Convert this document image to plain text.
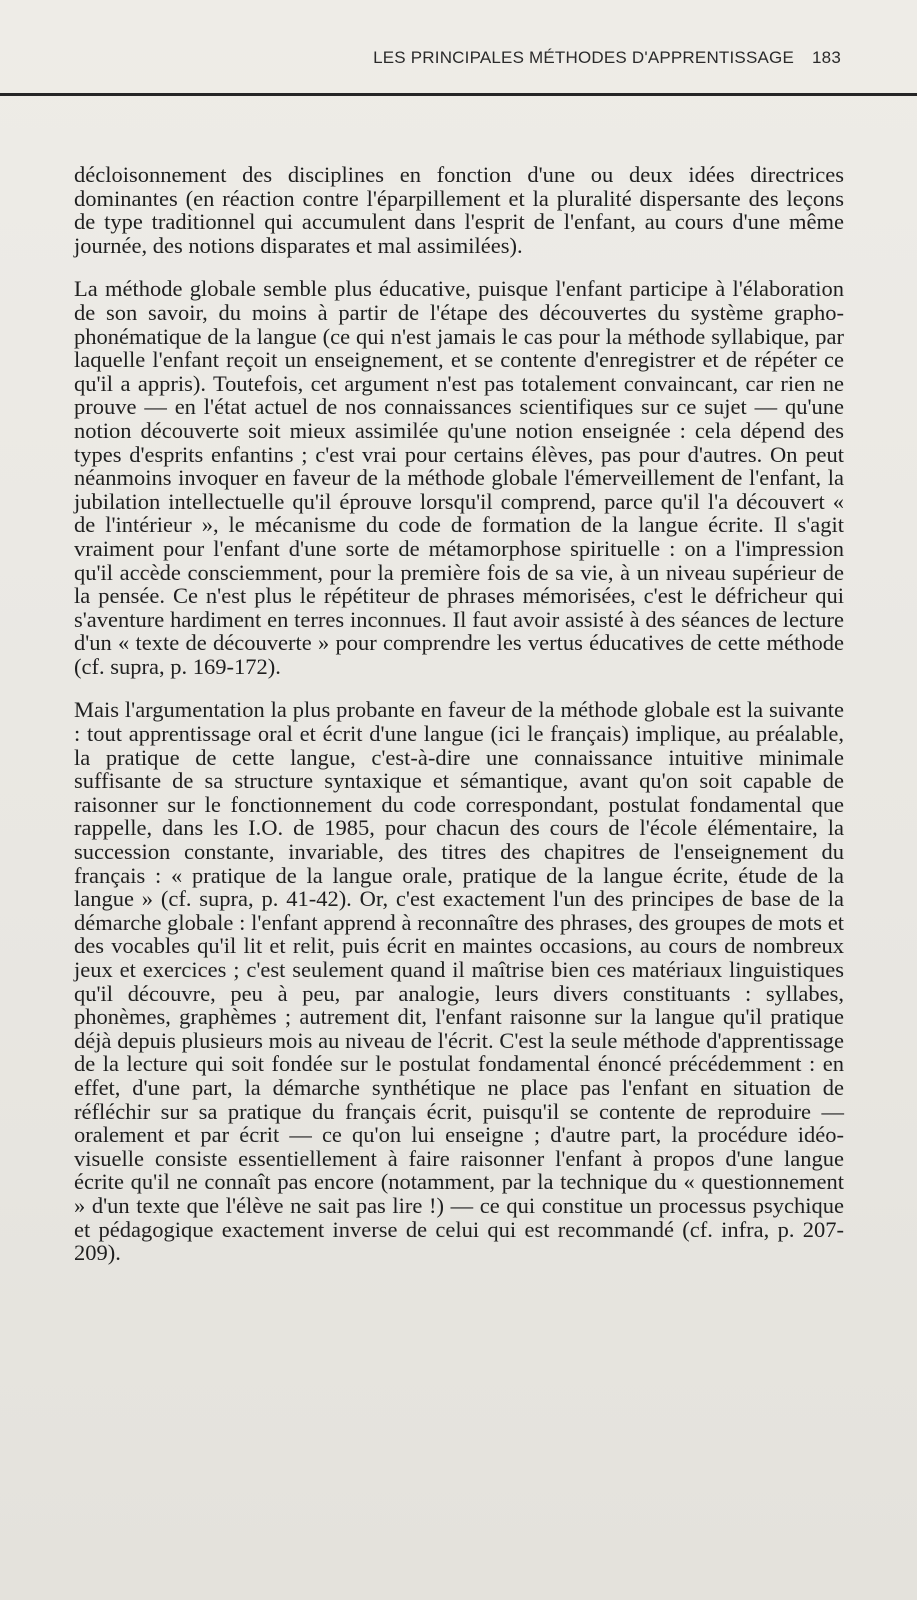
LES PRINCIPALES MÉTHODES D'APPRENTISSAGE 183

décloisonnement des disciplines en fonction d'une ou deux idées directrices dominantes (en réaction contre l'éparpillement et la pluralité dispersante des leçons de type traditionnel qui accumulent dans l'esprit de l'enfant, au cours d'une même journée, des notions disparates et mal assimilées).

La méthode globale semble plus éducative, puisque l'enfant participe à l'élaboration de son savoir, du moins à partir de l'étape des découvertes du système grapho-phonématique de la langue (ce qui n'est jamais le cas pour la méthode syllabique, par laquelle l'enfant reçoit un enseignement, et se contente d'enregistrer et de répéter ce qu'il a appris). Toutefois, cet argument n'est pas totalement convaincant, car rien ne prouve — en l'état actuel de nos connaissances scientifiques sur ce sujet — qu'une notion découverte soit mieux assimilée qu'une notion enseignée : cela dépend des types d'esprits enfantins ; c'est vrai pour certains élèves, pas pour d'autres. On peut néanmoins invoquer en faveur de la méthode globale l'émerveillement de l'enfant, la jubilation intellectuelle qu'il éprouve lorsqu'il comprend, parce qu'il l'a découvert « de l'intérieur », le mécanisme du code de formation de la langue écrite. Il s'agit vraiment pour l'enfant d'une sorte de métamorphose spirituelle : on a l'impression qu'il accède consciemment, pour la première fois de sa vie, à un niveau supérieur de la pensée. Ce n'est plus le répétiteur de phrases mémorisées, c'est le défricheur qui s'aventure hardiment en terres inconnues. Il faut avoir assisté à des séances de lecture d'un « texte de découverte » pour comprendre les vertus éducatives de cette méthode (cf. supra, p. 169-172).

Mais l'argumentation la plus probante en faveur de la méthode globale est la suivante : tout apprentissage oral et écrit d'une langue (ici le français) implique, au préalable, la pratique de cette langue, c'est-à-dire une connaissance intuitive minimale suffisante de sa structure syntaxique et sémantique, avant qu'on soit capable de raisonner sur le fonctionnement du code correspondant, postulat fondamental que rappelle, dans les I.O. de 1985, pour chacun des cours de l'école élémentaire, la succession constante, invariable, des titres des chapitres de l'enseignement du français : « pratique de la langue orale, pratique de la langue écrite, étude de la langue » (cf. supra, p. 41-42). Or, c'est exactement l'un des principes de base de la démarche globale : l'enfant apprend à reconnaître des phrases, des groupes de mots et des vocables qu'il lit et relit, puis écrit en maintes occasions, au cours de nombreux jeux et exercices ; c'est seulement quand il maîtrise bien ces matériaux linguistiques qu'il découvre, peu à peu, par analogie, leurs divers constituants : syllabes, phonèmes, graphèmes ; autrement dit, l'enfant raisonne sur la langue qu'il pratique déjà depuis plusieurs mois au niveau de l'écrit. C'est la seule méthode d'apprentissage de la lecture qui soit fondée sur le postulat fondamental énoncé précédemment : en effet, d'une part, la démarche synthétique ne place pas l'enfant en situation de réfléchir sur sa pratique du français écrit, puisqu'il se contente de reproduire — oralement et par écrit — ce qu'on lui enseigne ; d'autre part, la procédure idéo-visuelle consiste essentiellement à faire raisonner l'enfant à propos d'une langue écrite qu'il ne connaît pas encore (notamment, par la technique du « questionnement » d'un texte que l'élève ne sait pas lire !) — ce qui constitue un processus psychique et pédagogique exactement inverse de celui qui est recommandé (cf. infra, p. 207-209).
